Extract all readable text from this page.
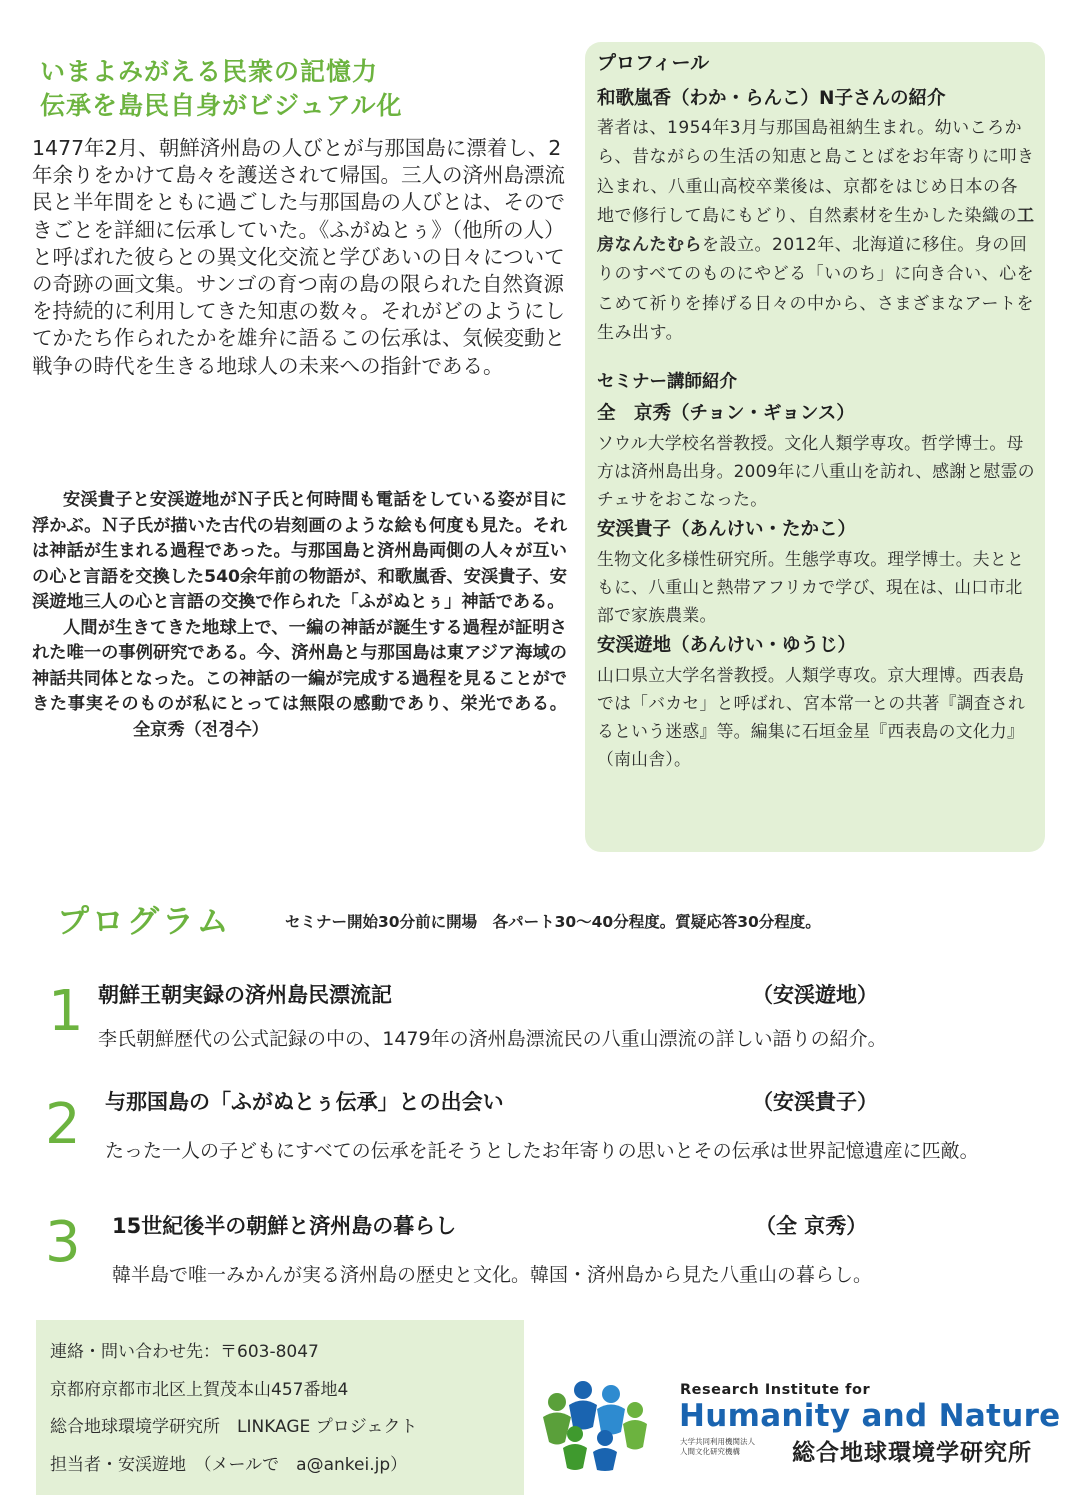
いまよみがえる民衆の記憶力
伝承を島民自身がビジュアル化
1477年2月、朝鮮済州島の人びとが与那国島に漂着し、2年余りをかけて島々を護送されて帰国。三人の済州島漂流民と半年間をともに過ごした与那国島の人びとは、そのできごとを詳細に伝承していた。《ふがぬとぅ》（他所の人）と呼ばれた彼らとの異文化交流と学びあいの日々についての奇跡の画文集。サンゴの育つ南の島の限られた自然資源を持続的に利用してきた知恵の数々。それがどのようにしてかたち作られたかを雄弁に語るこの伝承は、気候変動と戦争の時代を生きる地球人の未来への指針である。

安渓貴子と安渓遊地がＮ子氏と何時間も電話をしている姿が目に浮かぶ。Ｎ子氏が描いた古代の岩刻画のような絵も何度も見た。それは神話が生まれる過程であった。与那国島と済州島両側の人々が互いの心と言語を交換した540余年前の物語が、和歌嵐香、安渓貴子、安渓遊地三人の心と言語の交換で作られた「ふがぬとぅ」神話である。

人間が生きてきた地球上で、一編の神話が誕生する過程が証明された唯一の事例研究である。今、済州島と与那国島は東アジア海域の神話共同体となった。この神話の一編が完成する過程を見ることができた事実そのものが私にとっては無限の感動であり、栄光である。全京秀（전경수）

プロフィール
和歌嵐香（わか・らんこ）N子さんの紹介
著者は、1954年3月与那国島祖納生まれ。幼いころから、昔ながらの生活の知恵と島ことばをお年寄りに叩き込まれ、八重山高校卒業後は、京都をはじめ日本の各地で修行して島にもどり、自然素材を生かした染織の工房なんたむらを設立。2012年、北海道に移住。身の回りのすべてのものにやどる「いのち」に向き合い、心をこめて祈りを捧げる日々の中から、さまざまなアートを生み出す。
セミナー講師紹介
全　京秀（チョン・ギョンス）
ソウル大学校名誉教授。文化人類学専攻。哲学博士。母方は済州島出身。2009年に八重山を訪れ、感謝と慰霊のチェサをおこなった。
安渓貴子（あんけい・たかこ）
生物文化多様性研究所。生態学専攻。理学博士。夫とともに、八重山と熱帯アフリカで学び、現在は、山口市北部で家族農業。
安渓遊地（あんけい・ゆうじ）
山口県立大学名誉教授。人類学専攻。京大理博。西表島では「バカセ」と呼ばれ、宮本常一との共著『調査されるという迷惑』等。編集に石垣金星『西表島の文化力』（南山舎）。
プログラム	セミナー開始30分前に開場　各パート30〜40分程度。質疑応答30分程度。
1 朝鮮王朝実録の済州島民漂流記	（安渓遊地）
李氏朝鮮歴代の公式記録の中の、1479年の済州島漂流民の八重山漂流の詳しい語りの紹介。
2 与那国島の「ふがぬとぅ伝承」との出会い	（安渓貴子）
たった一人の子どもにすべての伝承を託そうとしたお年寄りの思いとその伝承は世界記憶遺産に匹敵。
3 15世紀後半の朝鮮と済州島の暮らし	（全 京秀）
韓半島で唯一みかんが実る済州島の歴史と文化。韓国・済州島から見た八重山の暮らし。
連絡・問い合わせ先：〒603-8047
京都府京都市北区上賀茂本山457番地4
総合地球環境学研究所　LINKAGE プロジェクト
担当者・安渓遊地　（メールで　a@ankei.jp）
Research Institute for
Humanity and Nature
大学共同利用機関法人
人間文化研究機構	総合地球環境学研究所
